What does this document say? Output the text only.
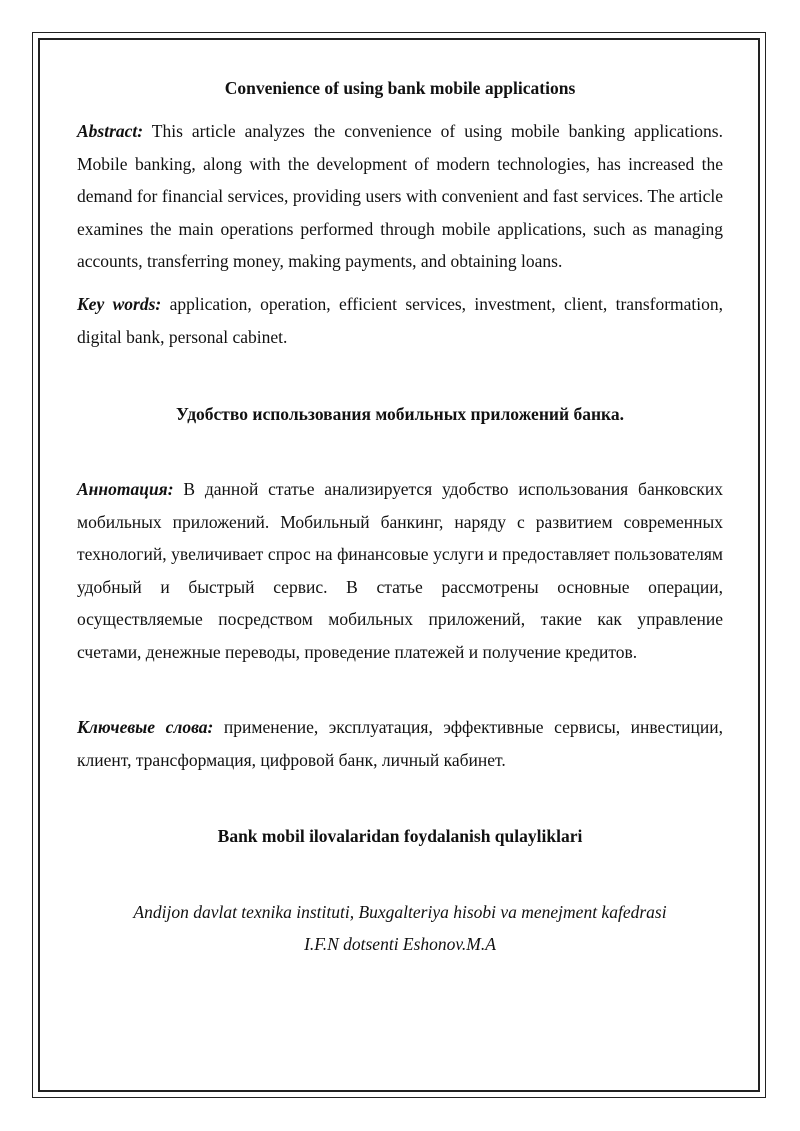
Convenience of using bank mobile applications

Abstract: This article analyzes the convenience of using mobile banking applications. Mobile banking, along with the development of modern technologies, has increased the demand for financial services, providing users with convenient and fast services. The article examines the main operations performed through mobile applications, such as managing accounts, transferring money, making payments, and obtaining loans.

Key words: application, operation, efficient services, investment, client, transformation, digital bank, personal cabinet.

Удобство использования мобильных приложений банка.

Аннотация: В данной статье анализируется удобство использования банковских мобильных приложений. Мобильный банкинг, наряду с развитием современных технологий, увеличивает спрос на финансовые услуги и предоставляет пользователям удобный и быстрый сервис. В статье рассмотрены основные операции, осуществляемые посредством мобильных приложений, такие как управление счетами, денежные переводы, проведение платежей и получение кредитов.

Ключевые слова: применение, эксплуатация, эффективные сервисы, инвестиции, клиент, трансформация, цифровой банк, личный кабинет.

Bank mobil ilovalaridan foydalanish qulayliklari

Andijon davlat texnika instituti, Buxgalteriya hisobi va menejment kafedrasi

I.F.N dotsenti Eshonov.M.A
